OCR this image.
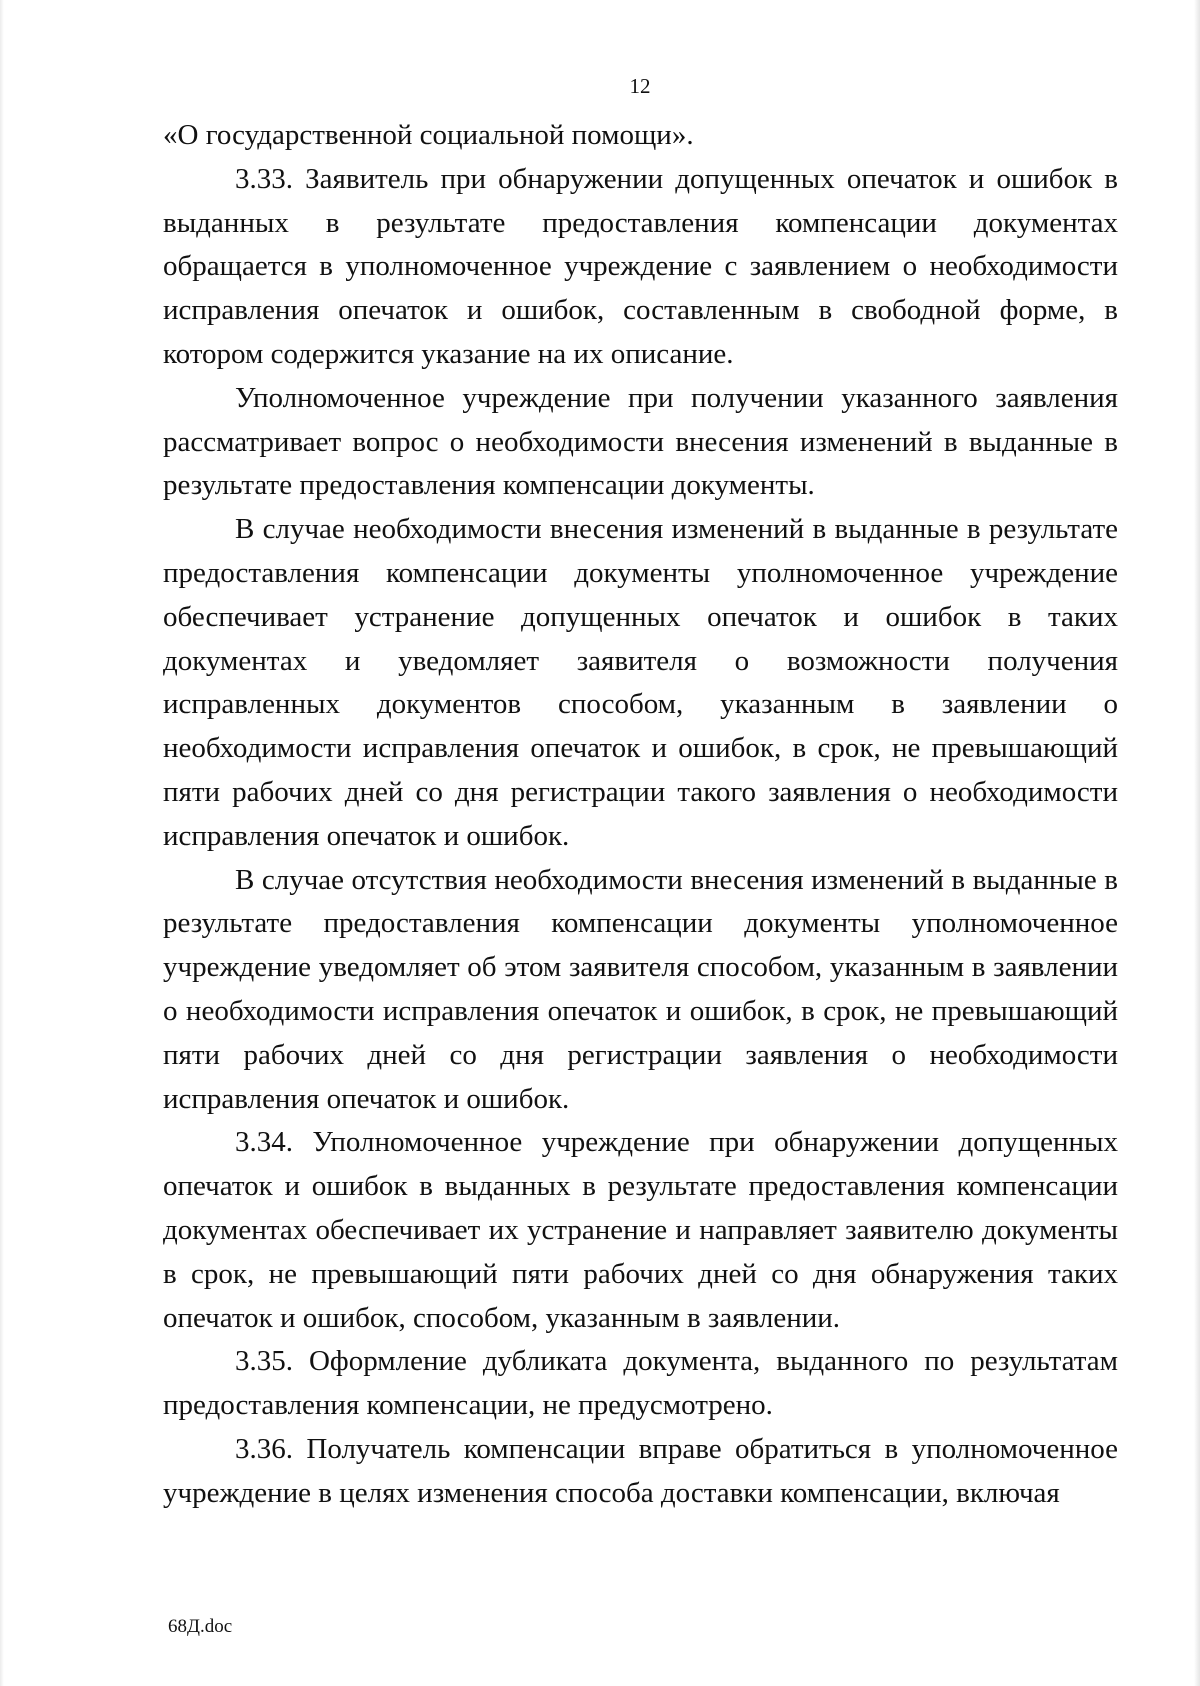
12

«О государственной социальной помощи».

3.33. Заявитель при обнаружении допущенных опечаток и ошибок в выданных в результате предоставления компенсации документах обращается в уполномоченное учреждение с заявлением о необходимости исправления опечаток и ошибок, составленным в свободной форме, в котором содержится указание на их описание.

Уполномоченное учреждение при получении указанного заявления рассматривает вопрос о необходимости внесения изменений в выданные в результате предоставления компенсации документы.

В случае необходимости внесения изменений в выданные в результате предоставления компенсации документы уполномоченное учреждение обеспечивает устранение допущенных опечаток и ошибок в таких документах и уведомляет заявителя о возможности получения исправленных документов способом, указанным в заявлении о необходимости исправления опечаток и ошибок, в срок, не превышающий пяти рабочих дней со дня регистрации такого заявления о необходимости исправления опечаток и ошибок.

В случае отсутствия необходимости внесения изменений в выданные в результате предоставления компенсации документы уполномоченное учреждение уведомляет об этом заявителя способом, указанным в заявлении о необходимости исправления опечаток и ошибок, в срок, не превышающий пяти рабочих дней со дня регистрации заявления о необходимости исправления опечаток и ошибок.

3.34. Уполномоченное учреждение при обнаружении допущенных опечаток и ошибок в выданных в результате предоставления компенсации документах обеспечивает их устранение и направляет заявителю документы в срок, не превышающий пяти рабочих дней со дня обнаружения таких опечаток и ошибок, способом, указанным в заявлении.

3.35. Оформление дубликата документа, выданного по результатам предоставления компенсации, не предусмотрено.

3.36. Получатель компенсации вправе обратиться в уполномоченное учреждение в целях изменения способа доставки компенсации, включая

68Д.doc
